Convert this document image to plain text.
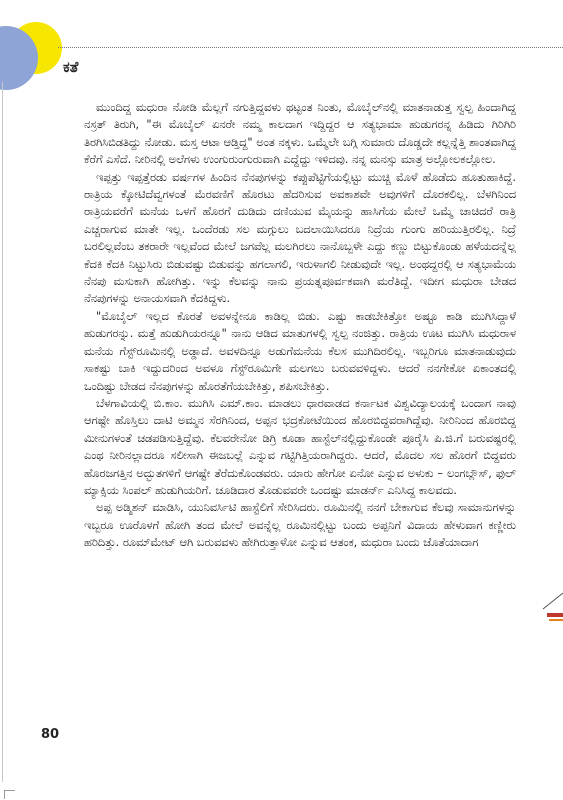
ಕತೆ

ಮುಂದಿದ್ದ ಮಧುರಾ ನೋಡಿ ಮೆಲ್ಲಗೆ ನಗುತ್ತಿದ್ದವಳು ಥಟ್ಟಂತ ನಿಂತು, ಮೊಬೈಲ್‌ನಲ್ಲಿ ಮಾತನಾಡುತ್ತ ಸ್ವಲ್ಪ ಹಿಂದಾಗಿದ್ದ ನಸ್ರತ್ ತಿರುಗಿ, "ಈ ಮೊಬೈಲ್ ಏನರೇ ನಮ್ಮ ಕಾಲದಾಗ ಇದ್ದಿದ್ದರ ಆ ಸತ್ಯಭಾಮಾ ಹುಡುಗರನ್ನ ಹಿಡಿದು ಗಿರಿಗಿರಿ ತಿರಗಿಸಿಬಿಡತಿದ್ದು ನೋಡು. ಮಸ್ತ ಆಟಾ ಆಡ್ತಿದ್ದ" ಅಂತ ನಕ್ಕಳು. ಒಮ್ಮೆಲೇ ಬಗ್ಗಿ ಸುಮಾರು ದೊಡ್ಡದೇ ಕಲ್ಲನ್ನೆತ್ತಿ ಶಾಂತವಾಗಿದ್ದ ಕೆರೆಗೆ ಎಸೆದೆ. ನೀರಿನಲ್ಲಿ ಅಲೆಗಳು ಉಂಗುರುಂಗುರುವಾಗಿ ಎದ್ದೆದ್ದು ಇಳಿದವು. ನನ್ನ ಮನಸ್ಸು ಮಾತ್ರ ಅಲ್ಲೋಲಕಲ್ಲೋಲ.

ಇಪ್ಪತ್ತು ಇಪ್ಪತ್ತೆರಡು ವರ್ಷಗಳ ಹಿಂದಿನ ನೆನಪುಗಳನ್ನು ಕಪ್ಪುಪೆಟ್ಟಿಗೆಯಲ್ಲಿಟ್ಟು ಮುಚ್ಚಿ ಮೊಳೆ ಹೊಡೆದು ಹೂತುಹಾಕಿದ್ದೆ. ರಾತ್ರಿಯ ಕ್ಕೋಟಿದೆವ್ವಗಳಂತೆ ಮೆರವಣಿಗೆ ಹೊರಟು ಹೆದರಿಸುವ ಅವಕಾಶವೇ ಅವುಗಳಿಗೆ ದೊರಕಲಿಲ್ಲ. ಬೆಳಗಿನಿಂದ ರಾತ್ರಿಯವರೆಗೆ ಮನೆಯ ಒಳಗೆ ಹೊರಗೆ ದುಡಿದು ದಣಿಯುವ ಮೈಯನ್ನು ಹಾಸಿಗೆಯ ಮೇಲೆ ಒಮ್ಮೆ ಚಾಚಿದರೆ ರಾತ್ರಿ ಎಚ್ಚರಾಗುವ ಮಾತೇ ಇಲ್ಲ. ಒಂದೆರಡು ಸಲ ಮಗ್ಗುಲು ಬದಲಾಯಿಸಿದರೂ ನಿದ್ರೆಯ ಗುಂಗು ಹರಿಯುತ್ತಿರಲಿಲ್ಲ. ನಿದ್ರೆ ಬರಲಿಲ್ಲವೆಂಬ ತಕರಾರೇ ಇಲ್ಲವೆಂದ ಮೇಲೆ ಜಗವೆಲ್ಲ ಮಲಗಿರಲು ನಾನೊಬ್ಬಳೇ ಎದ್ದು ಕಣ್ಣು ಬಿಟ್ಟುಕೊಂಡು ಹಳೆಯದನ್ನೆಲ್ಲ ಕೆದಕಿ ಕೆದಕಿ ನಿಟ್ಟುಸಿರು ಬಿಡುವಷ್ಟು ಬಿಡುವನ್ನು ಹಗಲಾಗಲಿ, ಇರುಳಾಗಲಿ ನೀಡುವುದೇ ಇಲ್ಲ. ಅಂಥದ್ದರಲ್ಲಿ ಆ ಸತ್ಯಭಾಮೆಯ ನೆನಪು ಮಸುಕಾಗಿ ಹೋಗಿತ್ತು. ಇನ್ನು ಕೆಲವನ್ನು ನಾನು ಪ್ರಯತ್ನಪೂರ್ವಕವಾಗಿ ಮರೆತಿದ್ದೆ. ಇದೀಗ ಮಧುರಾ ಬೇಡದ ನೆನಪುಗಳನ್ನು ಅನಾಯಸವಾಗಿ ಕೆದಕಿದ್ದಳು.

"ಮೊಬೈಲ್ ಇಲ್ಲದ ಕೊರತೆ ಅವಳನ್ನೇನೂ ಕಾಡಿಲ್ಲ ಬಿಡು. ಎಷ್ಟು ಕಾಡಬೇಕಿತ್ತೋ ಅಷ್ಟೂ ಕಾಡಿ ಮುಗಿಸಿದ್ದಾಳೆ ಹುಡುಗರನ್ನು. ಮತ್ತೆ ಹುಡುಗಿಯರನ್ನೂ" ನಾನು ಆಡಿದ ಮಾತುಗಳಲ್ಲಿ ಸ್ವಲ್ಪ ನಂಜಿತ್ತು. ರಾತ್ರಿಯ ಊಟ ಮುಗಿಸಿ ಮಧುರಾಳ ಮನೆಯ ಗೆಸ್ಟ್‌ರೂಮಿನಲ್ಲಿ ಅಡ್ಡಾದೆ. ಅವಳದಿನ್ನೂ ಅಡುಗೆಮನೆಯ ಕೆಲಸ ಮುಗಿದಿರಲಿಲ್ಲ. ಇಬ್ಬರಿಗೂ ಮಾತನಾಡುವುದು ಸಾಕಷ್ಟು ಬಾಕಿ ಇದ್ದುದರಿಂದ ಅವಳೂ ಗೆಸ್ಟ್‌ರೂಮಿಗೇ ಮಲಗಲು ಬರುವವಳಿದ್ದಳು. ಆದರೆ ನನಗೇಕೋ ಏಕಾಂತದಲ್ಲಿ ಒಂದಿಷ್ಟು ಬೇಡದ ನೆನಪುಗಳನ್ನು ಹೊರತೆಗೆಯಬೇಕಿತ್ತು, ಶಪಿಸಬೇಕಿತ್ತು.

ಬೆಳಗಾವಿಯಲ್ಲಿ ಬಿ.ಕಾಂ. ಮುಗಿಸಿ ಎಮ್.ಕಾಂ. ಮಾಡಲು ಧಾರವಾಡದ ಕರ್ನಾಟಕ ವಿಶ್ವವಿದ್ಯಾಲಯಕ್ಕೆ ಬಂದಾಗ ನಾವು ಆಗಷ್ಟೇ ಹೊಸ್ತಿಲು ದಾಟಿ ಅಮ್ಮನ ಸೆರಗಿನಿಂದ, ಅಪ್ಪನ ಭದ್ರಕೋಟೆಯಿಂದ ಹೊರಬಿದ್ದವರಾಗಿದ್ದೆವು. ನೀರಿನಿಂದ ಹೊರಬಿದ್ದ ಮೀನುಗಳಂತೆ ಚಡಪಡಿಸುತ್ತಿದ್ದೆವು. ಕೆಲವರೇನೋ ಡಿಗ್ರಿ ಕೂಡಾ ಹಾಸ್ಟೆಲ್‌ನಲ್ಲಿದ್ದುಕೊಂಡೇ ಪೂರೈಸಿ ಪಿ.ಜಿ.ಗೆ ಬರುವಷ್ಟರಲ್ಲಿ ಎಂಥ ನೀರಿನಲ್ಲಾದರೂ ಸಲೀಸಾಗಿ ಈಜಬಲ್ಲೆ ಎನ್ನುವ ಗಟ್ಟಿಗಿತ್ತಿಯರಾಗಿದ್ದರು. ಆದರೆ, ಮೊದಲ ಸಲ ಹೊರಗೆ ಬಿದ್ದವರು ಹೊರಜಗತ್ತಿನ ಅದ್ಭುತಗಳಿಗೆ ಆಗಷ್ಟೇ ತೆರೆದುಕೊಂಡವರು. ಯಾರು ಹೇಗೋ ಏನೋ ಎನ್ನುವ ಅಳುಕು – ಲಂಗಬ್ಲೌಸ್, ಫುಲ್ ಮ್ಯಾಕ್ಸಿಯ ಸಿಂಪಲ್ ಹುಡುಗಿಯರಿಗೆ. ಚೂಡಿದಾರ ತೊಡುವವರೇ ಒಂದಷ್ಟು ಮಾಡರ್ನ್ ಎನಿಸಿದ್ದ ಕಾಲವದು.

ಅಪ್ಪ ಅಡ್ಮಿಶನ್ ಮಾಡಿಸಿ, ಯುನಿವರ್ಸಿಟಿ ಹಾಸ್ಟೆಲಿಗೆ ಸೇರಿಸಿದರು. ರೂಮಿನಲ್ಲಿ ನನಗೆ ಬೇಕಾಗುವ ಕೆಲವು ಸಾಮಾನುಗಳನ್ನು ಇಬ್ಬರೂ ಊರೊಳಗೆ ಹೋಗಿ ತಂದ ಮೇಲೆ ಅವನ್ನೆಲ್ಲ ರೂಮಿನಲ್ಲಿಟ್ಟು ಬಂದು ಅಪ್ಪನಿಗೆ ವಿದಾಯ ಹೇಳುವಾಗ ಕಣ್ಣೀರು ಹರಿದಿತ್ತು. ರೂಮ್‌ಮೇಟ್ ಆಗಿ ಬರುವವಳು ಹೇಗಿರುತ್ತಾಳೋ ಎನ್ನುವ ಆತಂಕ, ಮಧುರಾ ಬಂದು ಜೊತೆಯಾದಾಗ

80
